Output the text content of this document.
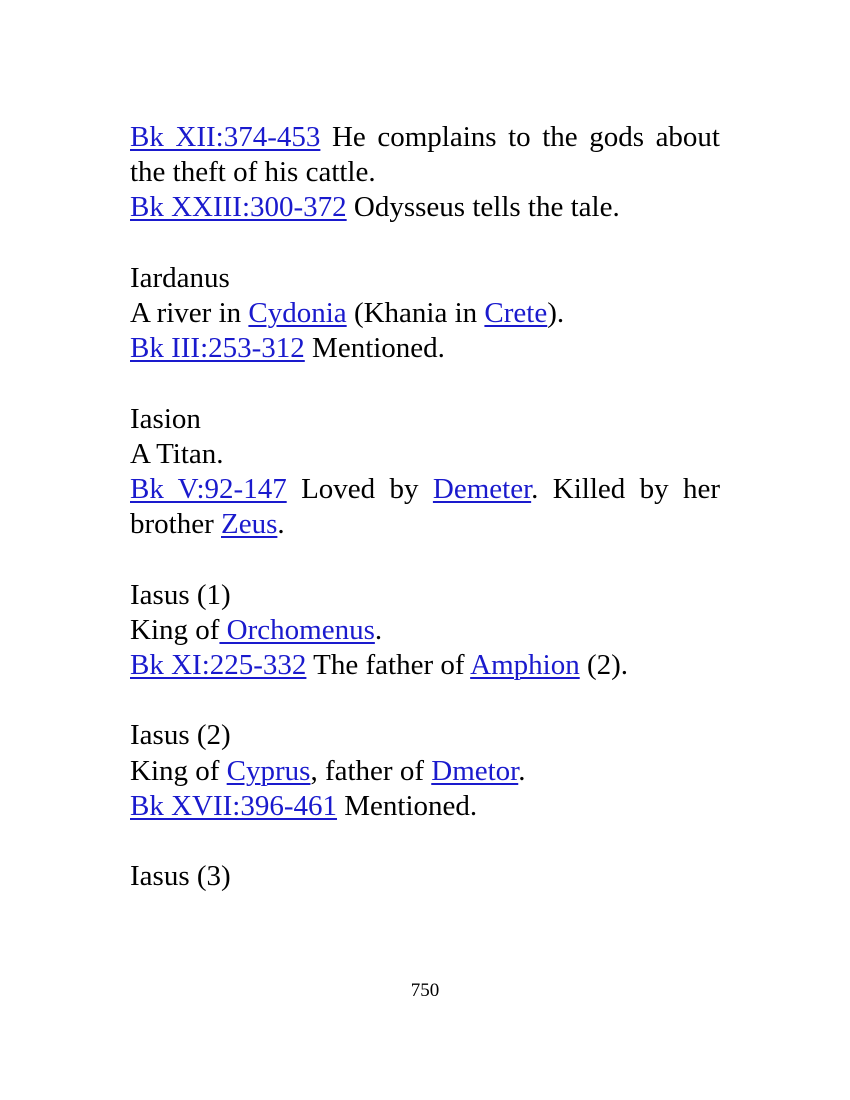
Bk XII:374-453 He complains to the gods about the theft of his cattle.
Bk XXIII:300-372 Odysseus tells the tale.
Iardanus
A river in Cydonia (Khania in Crete).
Bk III:253-312 Mentioned.
Iasion
A Titan.
Bk V:92-147 Loved by Demeter. Killed by her brother Zeus.
Iasus (1)
King of Orchomenus.
Bk XI:225-332 The father of Amphion (2).
Iasus (2)
King of Cyprus, father of Dmetor.
Bk XVII:396-461 Mentioned.
Iasus (3)
750
